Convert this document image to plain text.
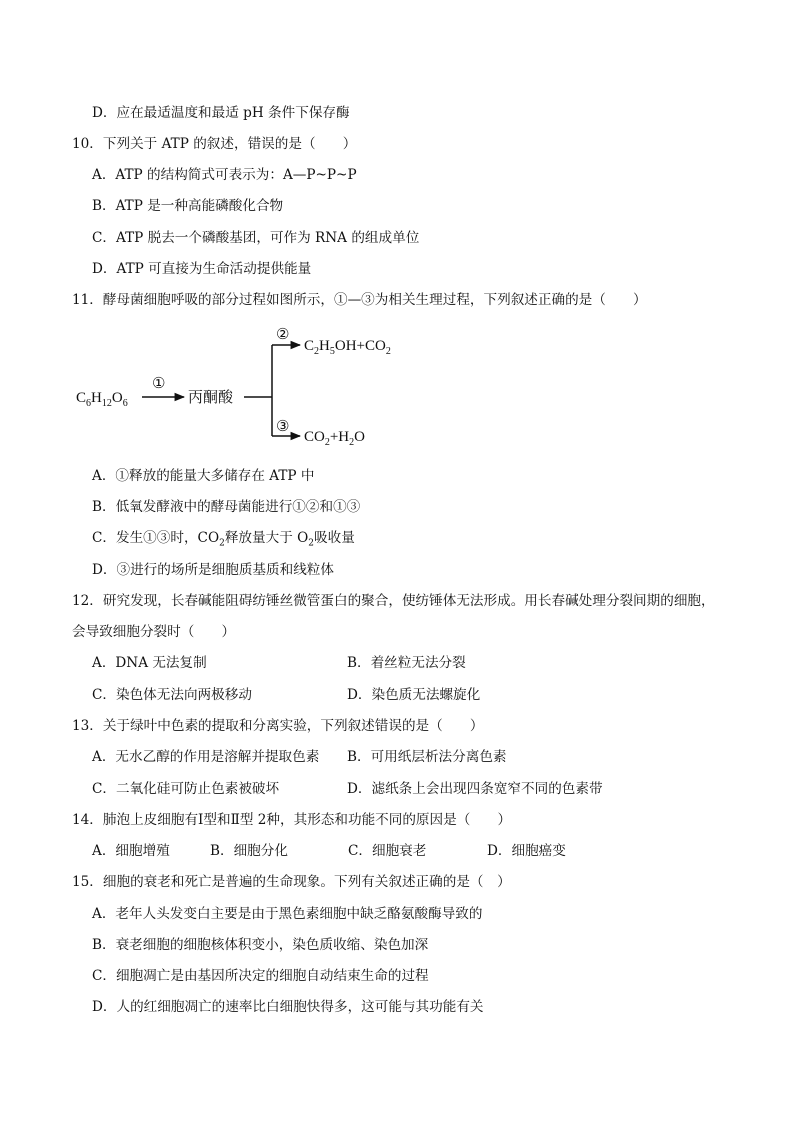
D．应在最适温度和最适 pH 条件下保存酶
10．下列关于 ATP 的叙述，错误的是（　　）
A．ATP 的结构简式可表示为：A—P~P~P
B．ATP 是一种高能磷酸化合物
C．ATP 脱去一个磷酸基团，可作为 RNA 的组成单位
D．ATP 可直接为生命活动提供能量
11．酵母菌细胞呼吸的部分过程如图所示，①—③为相关生理过程，下列叙述正确的是（　　）
$C_6H_{12}O_6$
①
丙酮酸
②
③
$C_2H_5OH+CO_2$
$CO_2+H_2O$
A．①释放的能量大多储存在 ATP 中
B．低氧发酵液中的酵母菌能进行①②和①③
C．发生①③时，$CO_2$释放量大于 $O_2$吸收量
D．③进行的场所是细胞质基质和线粒体
12．研究发现，长春碱能阻碍纺锤丝微管蛋白的聚合，使纺锤体无法形成。用长春碱处理分裂间期的细胞，
会导致细胞分裂时（　　）
A．DNA 无法复制	B．着丝粒无法分裂
C．染色体无法向两极移动	D．染色质无法螺旋化
13．关于绿叶中色素的提取和分离实验，下列叙述错误的是（　　）
A．无水乙醇的作用是溶解并提取色素 B．可用纸层析法分离色素
C．二氧化硅可防止色素被破坏	D．滤纸条上会出现四条宽窄不同的色素带
14．肺泡上皮细胞有Ⅰ型和Ⅱ型 2种，其形态和功能不同的原因是（　　）
A．细胞增殖	B．细胞分化	C．细胞衰老	D．细胞癌变
15．细胞的衰老和死亡是普遍的生命现象。下列有关叙述正确的是（　）
A．老年人头发变白主要是由于黑色素细胞中缺乏酪氨酸酶导致的
B．衰老细胞的细胞核体积变小，染色质收缩、染色加深
C．细胞凋亡是由基因所决定的细胞自动结束生命的过程
D．人的红细胞凋亡的速率比白细胞快得多，这可能与其功能有关
